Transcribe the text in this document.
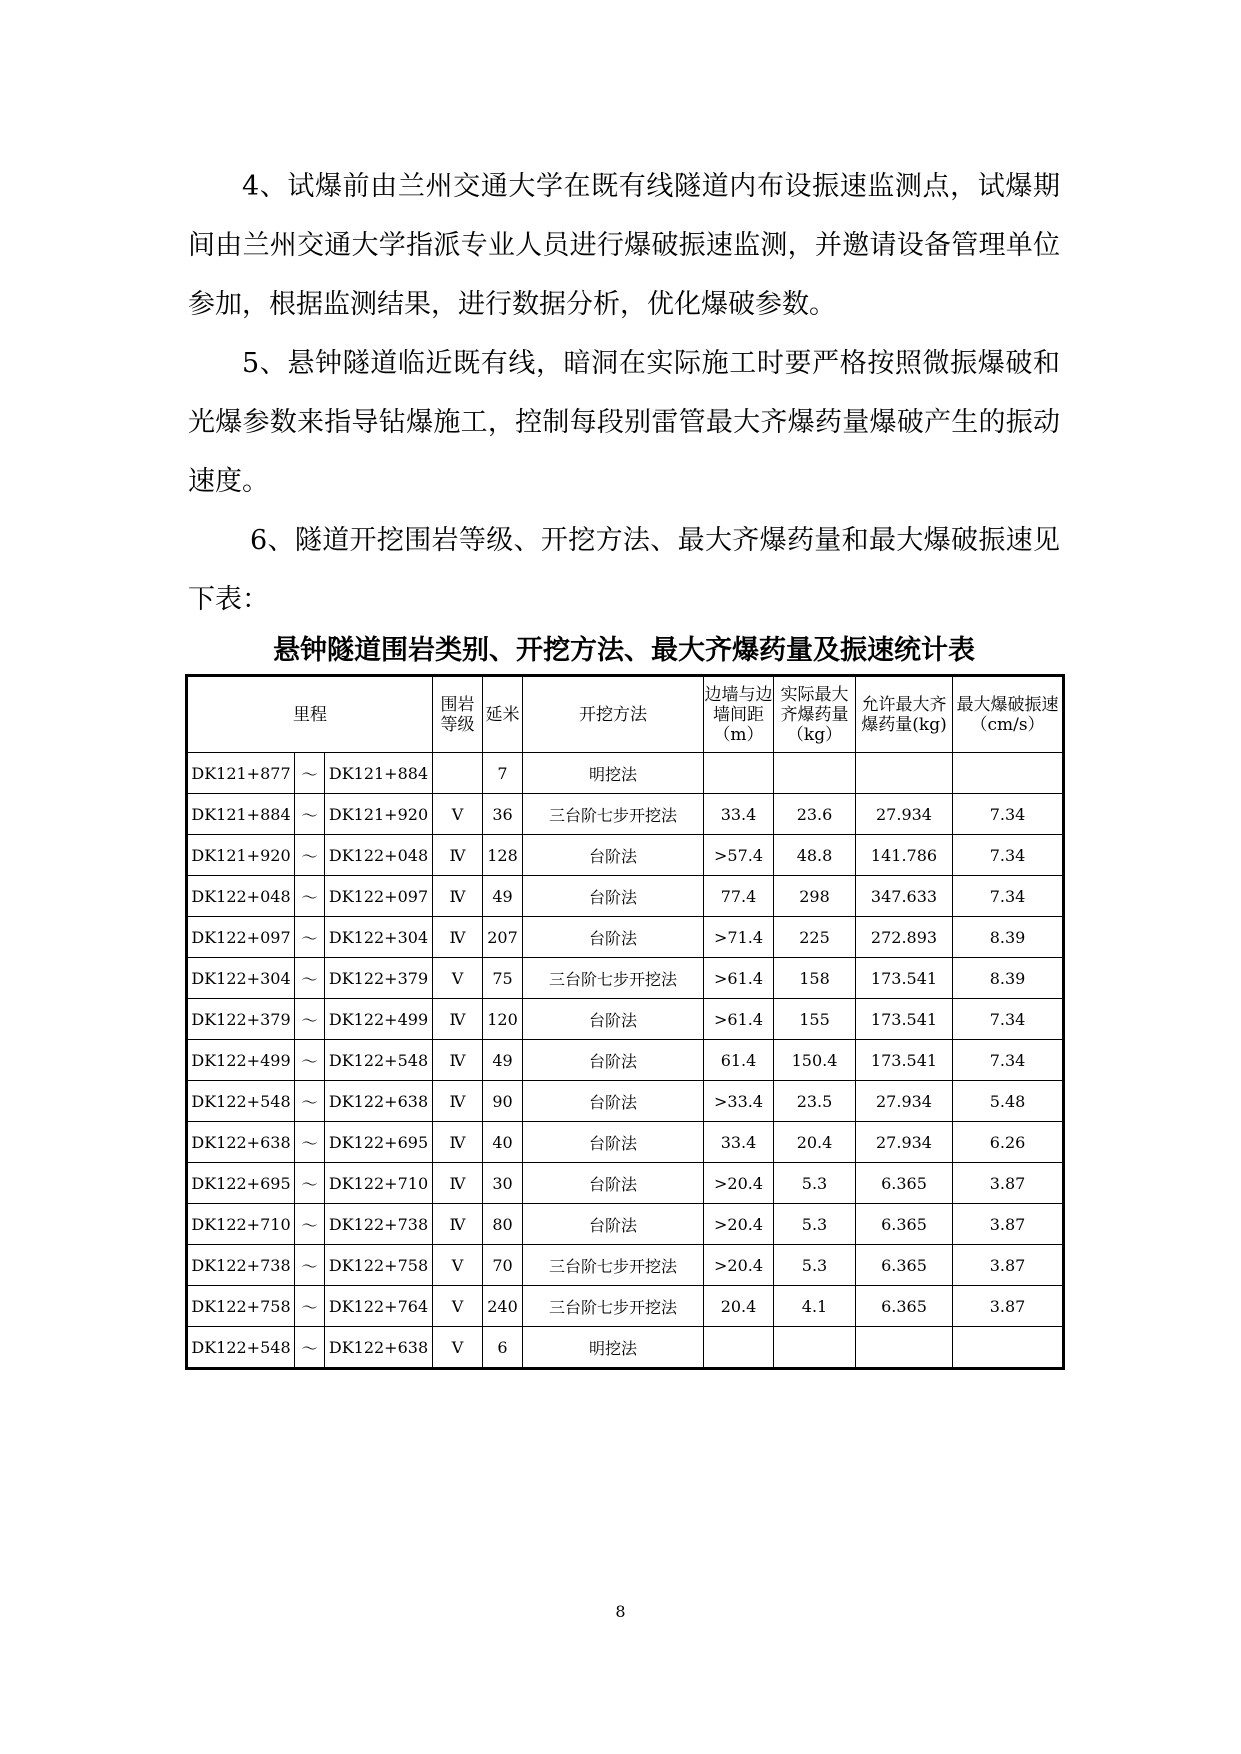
4、试爆前由兰州交通大学在既有线隧道内布设振速监测点，试爆期间由兰州交通大学指派专业人员进行爆破振速监测，并邀请设备管理单位参加，根据监测结果，进行数据分析，优化爆破参数。

5、悬钟隧道临近既有线，暗洞在实际施工时要严格按照微振爆破和光爆参数来指导钻爆施工，控制每段别雷管最大齐爆药量爆破产生的振动速度。

6、隧道开挖围岩等级、开挖方法、最大齐爆药量和最大爆破振速见下表：

悬钟隧道围岩类别、开挖方法、最大齐爆药量及振速统计表
里程			围岩等级	延米	开挖方法	边墙与边墙间距（m）	实际最大齐爆药量（kg）	允许最大齐爆药量(kg)	最大爆破振速（cm/s）
DK121+877	～	DK121+884		7	明挖法				
DK121+884	～	DK121+920	Ⅴ	36	三台阶七步开挖法	33.4	23.6	27.934	7.34
DK121+920	～	DK122+048	Ⅳ	128	台阶法	>57.4	48.8	141.786	7.34
DK122+048	～	DK122+097	Ⅳ	49	台阶法	77.4	298	347.633	7.34
DK122+097	～	DK122+304	Ⅳ	207	台阶法	>71.4	225	272.893	8.39
DK122+304	～	DK122+379	Ⅴ	75	三台阶七步开挖法	>61.4	158	173.541	8.39
DK122+379	～	DK122+499	Ⅳ	120	台阶法	>61.4	155	173.541	7.34
DK122+499	～	DK122+548	Ⅳ	49	台阶法	61.4	150.4	173.541	7.34
DK122+548	～	DK122+638	Ⅳ	90	台阶法	>33.4	23.5	27.934	5.48
DK122+638	～	DK122+695	Ⅳ	40	台阶法	33.4	20.4	27.934	6.26
DK122+695	～	DK122+710	Ⅳ	30	台阶法	>20.4	5.3	6.365	3.87
DK122+710	～	DK122+738	Ⅳ	80	台阶法	>20.4	5.3	6.365	3.87
DK122+738	～	DK122+758	Ⅴ	70	三台阶七步开挖法	>20.4	5.3	6.365	3.87
DK122+758	～	DK122+764	Ⅴ	240	三台阶七步开挖法	20.4	4.1	6.365	3.87
DK122+548	～	DK122+638	Ⅴ	6	明挖法				
8
